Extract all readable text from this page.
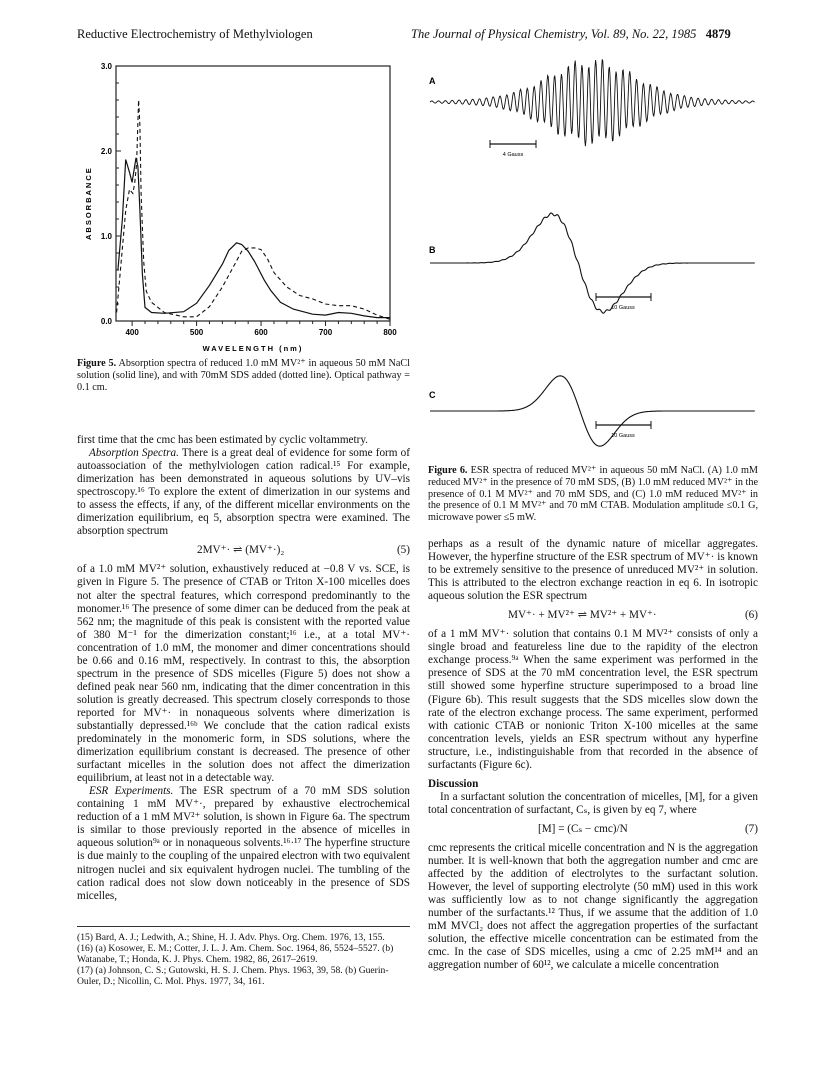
Reductive Electrochemistry of Methylviologen	The Journal of Physical Chemistry, Vol. 89, No. 22, 1985 4879
3.0
2.0
1.0
0.0
400	500	600	700	800
ABSORBANCE
WAVELENGTH (nm)
Figure 5. Absorption spectra of reduced 1.0 mM MV²⁺ in aqueous 50 mM NaCl solution (solid line), and with 70mM SDS added (dotted line). Optical pathway = 0.1 cm.

first time that the cmc has been estimated by cyclic voltammetry.

Absorption Spectra. There is a great deal of evidence for some form of autoassociation of the methylviologen cation radical.¹⁵ For example, dimerization has been demonstrated in aqueous solutions by UV–vis spectroscopy.¹⁶ To explore the extent of dimerization in our systems and to assess the effects, if any, of the different micellar environments on the dimerization equilibrium, eq 5, absorption spectra were examined. The absorption spectrum

2MV⁺· ⇌ (MV⁺·)₂	(5)

of a 1.0 mM MV²⁺ solution, exhaustively reduced at −0.8 V vs. SCE, is given in Figure 5. The presence of CTAB or Triton X-100 micelles does not alter the spectral features, which correspond predominantly to the monomer.¹⁶ The presence of some dimer can be deduced from the peak at 562 nm; the magnitude of this peak is consistent with the reported value of 380 M⁻¹ for the dimerization constant;¹⁶ i.e., at a total MV⁺· concentration of 1.0 mM, the monomer and dimer concentrations should be 0.66 and 0.16 mM, respectively. In contrast to this, the absorption spectrum in the presence of SDS micelles (Figure 5) does not show a defined peak near 560 nm, indicating that the dimer concentration in this solution is greatly decreased. This spectrum closely corresponds to those reported for MV⁺· in nonaqueous solvents where dimerization is substantially depressed.¹⁶ᵇ We conclude that the cation radical exists predominately in the monomeric form, in SDS solutions, where the dimerization equilibrium constant is decreased. The presence of other surfactant micelles in the solution does not affect the dimerization equilibrium, at least not in a detectable way.

ESR Experiments. The ESR spectrum of a 70 mM SDS solution containing 1 mM MV⁺·, prepared by exhaustive electrochemical reduction of a 1 mM MV²⁺ solution, is shown in Figure 6a. The spectrum is similar to those previously reported in the absence of micelles in aqueous solution⁹ᵃ or in nonaqueous solvents.¹⁶·¹⁷ The hyperfine structure is due mainly to the coupling of the unpaired electron with two equivalent nitrogen nuclei and six equivalent hydrogen nuclei. The tumbling of the cation radical does not slow down noticeably in the presence of SDS micelles,

(15) Bard, A. J.; Ledwith, A.; Shine, H. J. Adv. Phys. Org. Chem. 1976, 13, 155.

(16) (a) Kosower, E. M.; Cotter, J. L. J. Am. Chem. Soc. 1964, 86, 5524–5527. (b) Watanabe, T.; Honda, K. J. Phys. Chem. 1982, 86, 2617–2619.

(17) (a) Johnson, C. S.; Gutowski, H. S. J. Chem. Phys. 1963, 39, 58. (b) Guerin-Ouler, D.; Nicollin, C. Mol. Phys. 1977, 34, 161.

A
4 Gauss
B
10 Gauss
C
10 Gauss
Figure 6. ESR spectra of reduced MV²⁺ in aqueous 50 mM NaCl. (A) 1.0 mM reduced MV²⁺ in the presence of 70 mM SDS, (B) 1.0 mM reduced MV²⁺ in the presence of 0.1 M MV²⁺ and 70 mM SDS, and (C) 1.0 mM reduced MV²⁺ in the presence of 0.1 M MV²⁺ and 70 mM CTAB. Modulation amplitude ≤0.1 G, microwave power ≤5 mW.

perhaps as a result of the dynamic nature of micellar aggregates. However, the hyperfine structure of the ESR spectrum of MV⁺· is known to be extremely sensitive to the presence of unreduced MV²⁺ in solution. This is attributed to the electron exchange reaction in eq 6. In isotropic aqueous solution the ESR spectrum

MV⁺· + MV²⁺ ⇌ MV²⁺ + MV⁺·	(6)

of a 1 mM MV⁺· solution that contains 0.1 M MV²⁺ consists of only a single broad and featureless line due to the rapidity of the electron exchange process.⁹ᵃ When the same experiment was performed in the presence of SDS at the 70 mM concentration level, the ESR spectrum still showed some hyperfine structure superimposed to a broad line (Figure 6b). This result suggests that the SDS micelles slow down the rate of the electron exchange process. The same experiment, performed with cationic CTAB or nonionic Triton X-100 micelles at the same concentration levels, yields an ESR spectrum without any hyperfine structure, i.e., indistinguishable from that recorded in the absence of surfactants (Figure 6c).

Discussion

In a surfactant solution the concentration of micelles, [M], for a given total concentration of surfactant, Cₛ, is given by eq 7, where

[M] = (Cₛ − cmc)/N	(7)

cmc represents the critical micelle concentration and N is the aggregation number. It is well-known that both the aggregation number and cmc are affected by the addition of electrolytes to the surfactant solution. However, the level of supporting electrolyte (50 mM) used in this work was sufficiently low as to not change significantly the aggregation number of the surfactants.¹² Thus, if we assume that the addition of 1.0 mM MVCl₂ does not affect the aggregation properties of the surfactant solution, the effective micelle concentration can be estimated from the cmc. In the case of SDS micelles, using a cmc of 2.25 mM¹⁴ and an aggregation number of 60¹², we calculate a micelle concentration
